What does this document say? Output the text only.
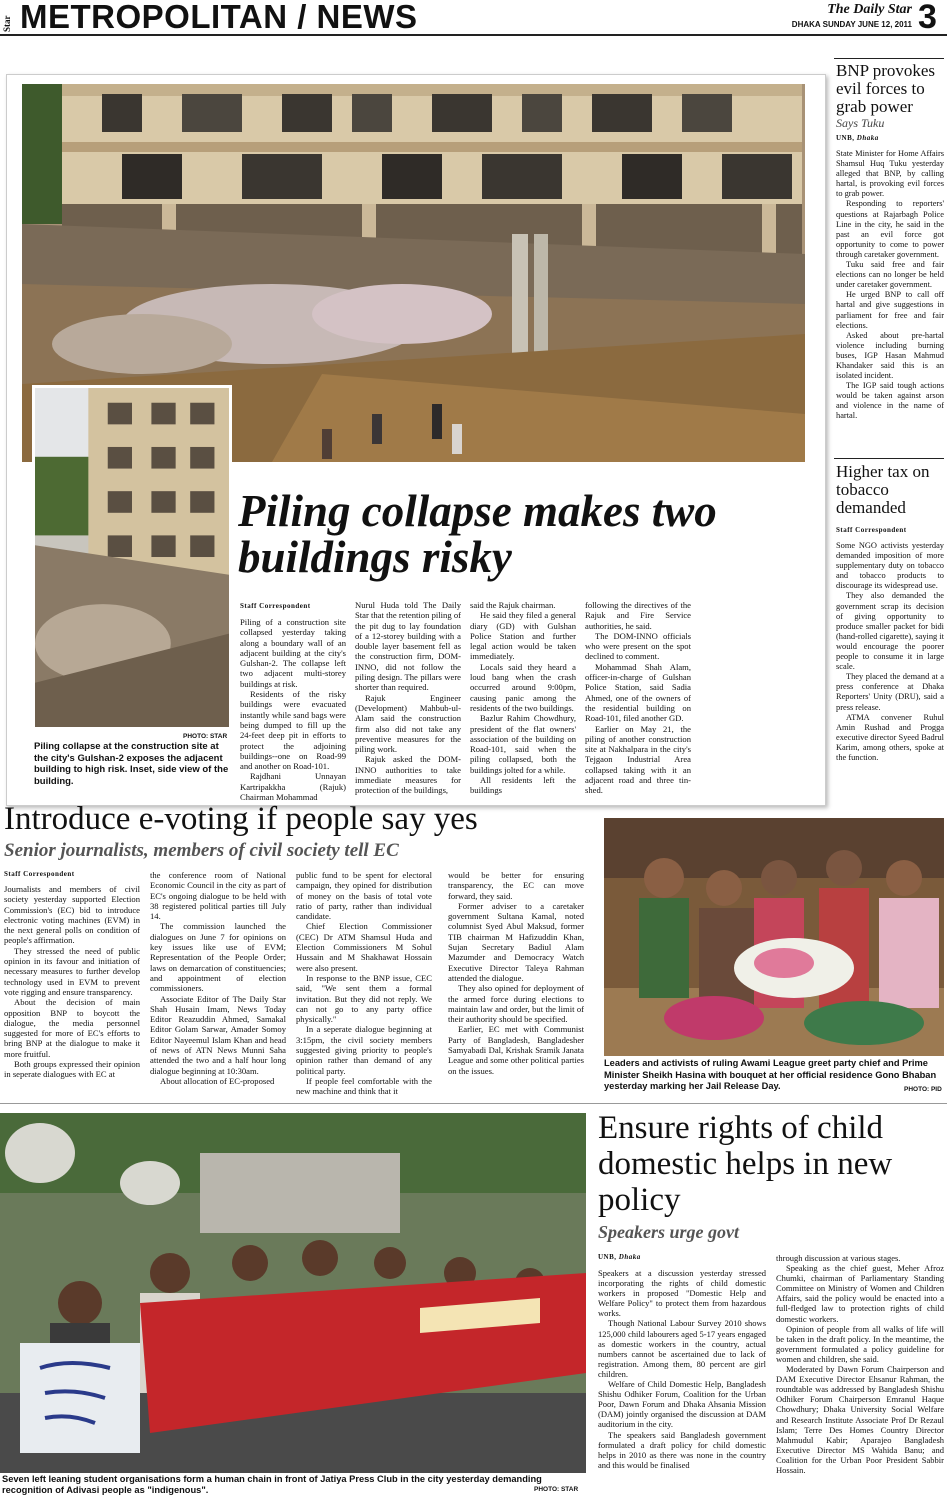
Star METROPOLITAN / NEWS	The Daily Star
DHAKA SUNDAY JUNE 12, 2011 3
PHOTO: STAR
Piling collapse at the construction site at the city's Gulshan-2 exposes the adjacent building to high risk. Inset, side view of the building.
Piling collapse makes two buildings risky
Staff Correspondent

Piling of a construction site collapsed yesterday taking along a boundary wall of an adjacent building at the city's Gulshan-2. The collapse left two adjacent multi-storey buildings at risk.

Residents of the risky buildings were evacuated instantly while sand bags were being dumped to fill up the 24-feet deep pit in efforts to protect the adjoining buildings--one on Road-99 and another on Road-101.

Rajdhani Unnayan Kartripakkha (Rajuk) Chairman Mohammad

Nurul Huda told The Daily Star that the retention piling of the pit dug to lay foundation of a 12-storey building with a double layer basement fell as the construction firm, DOM-INNO, did not follow the piling design. The pillars were shorter than required.

Rajuk Engineer (Development) Mahbub-ul-Alam said the construction firm also did not take any preventive measures for the piling work.

Rajuk asked the DOM-INNO authorities to take immediate measures for protection of the buildings,

said the Rajuk chairman.

He said they filed a general diary (GD) with Gulshan Police Station and further legal action would be taken immediately.

Locals said they heard a loud bang when the crash occurred around 9:00pm, causing panic among the residents of the two buildings.

Bazlur Rahim Chowdhury, president of the flat owners' association of the building on Road-101, said when the piling collapsed, both the buildings jolted for a while.

All residents left the buildings

following the directives of the Rajuk and Fire Service authorities, he said.

The DOM-INNO officials who were present on the spot declined to comment.

Mohammad Shah Alam, officer-in-charge of Gulshan Police Station, said Sadia Ahmed, one of the owners of the residential building on Road-101, filed another GD.

Earlier on May 21, the piling of another construction site at Nakhalpara in the city's Tejgaon Industrial Area collapsed taking with it an adjacent road and three tin-shed.

BNP provokes evil forces to grab power
Says Tuku
UNB, Dhaka

State Minister for Home Affairs Shamsul Huq Tuku yesterday alleged that BNP, by calling hartal, is provoking evil forces to grab power.

Responding to reporters' questions at Rajarbagh Police Line in the city, he said in the past an evil force got opportunity to come to power through caretaker government.

Tuku said free and fair elections can no longer be held under caretaker government.

He urged BNP to call off hartal and give suggestions in parliament for free and fair elections.

Asked about pre-hartal violence including burning buses, IGP Hasan Mahmud Khandaker said this is an isolated incident.

The IGP said tough actions would be taken against arson and violence in the name of hartal.

Higher tax on tobacco demanded
Staff Correspondent

Some NGO activists yesterday demanded imposition of more supplementary duty on tobacco and tobacco products to discourage its widespread use.

They also demanded the government scrap its decision of giving opportunity to produce smaller packet for bidi (hand-rolled cigarette), saying it would encourage the poorer people to consume it in large scale.

They placed the demand at a press conference at Dhaka Reporters' Unity (DRU), said a press release.

ATMA convener Ruhul Amin Rushad and Progga executive director Syeed Badrul Karim, among others, spoke at the function.

Introduce e-voting if people say yes
Senior journalists, members of civil society tell EC
Staff Correspondent

Journalists and members of civil society yesterday supported Election Commission's (EC) bid to introduce electronic voting machines (EVM) in the next general polls on condition of people's affirmation.

They stressed the need of public opinion in its favour and initiation of necessary measures to further develop technology used in EVM to prevent vote rigging and ensure transparency.

About the decision of main opposition BNP to boycott the dialogue, the media personnel suggested for more of EC's efforts to bring BNP at the dialogue to make it more fruitful.

Both groups expressed their opinion in seperate dialogues with EC at

the conference room of National Economic Council in the city as part of EC's ongoing dialogue to be held with 38 registered political parties till July 14.

The commission launched the dialogues on June 7 for opinions on key issues like use of EVM; Representation of the People Order; laws on demarcation of constituencies; and appointment of election commissioners.

Associate Editor of The Daily Star Shah Husain Imam, News Today Editor Reazuddin Ahmed, Samakal Editor Golam Sarwar, Amader Somoy Editor Nayeemul Islam Khan and head of news of ATN News Munni Saha attended the two and a half hour long dialogue beginning at 10:30am.

About allocation of EC-proposed

public fund to be spent for electoral campaign, they opined for distribution of money on the basis of total vote ratio of party, rather than individual candidate.

Chief Election Commissioner (CEC) Dr ATM Shamsul Huda and Election Commissioners M Sohul Hussain and M Shakhawat Hossain were also present.

In response to the BNP issue, CEC said, "We sent them a formal invitation. But they did not reply. We can not go to any party office physically."

In a seperate dialogue beginning at 3:15pm, the civil society members suggested giving priority to people's opinion rather than demand of any political party.

If people feel comfortable with the new machine and think that it

would be better for ensuring transparency, the EC can move forward, they said.

Former adviser to a caretaker government Sultana Kamal, noted columnist Syed Abul Maksud, former TIB chairman M Hafizuddin Khan, Sujan Secretary Badiul Alam Mazumder and Democracy Watch Executive Director Taleya Rahman attended the dialogue.

They also opined for deployment of the armed force during elections to maintain law and order, but the limit of their authority should be specified.

Earlier, EC met with Communist Party of Bangladesh, Bangladesher Samyabadi Dal, Krishak Sramik Janata League and some other political parties on the issues.

Leaders and activists of ruling Awami League greet party chief and Prime Minister Sheikh Hasina with bouquet at her official residence Gono Bhaban yesterday marking her Jail Release Day.	PHOTO: PID
Seven left leaning student organisations form a human chain in front of Jatiya Press Club in the city yesterday demanding recognition of Adivasi people as "indigenous".	PHOTO: STAR
Ensure rights of child domestic helps in new policy
Speakers urge govt
UNB, Dhaka

Speakers at a discussion yesterday stressed incorporating the rights of child domestic workers in proposed "Domestic Help and Welfare Policy" to protect them from hazardous works.

Though National Labour Survey 2010 shows 125,000 child labourers aged 5-17 years engaged as domestic workers in the country, actual numbers cannot be ascertained due to lack of registration. Among them, 80 percent are girl children.

Welfare of Child Domestic Help, Bangladesh Shishu Odhiker Forum, Coalition for the Urban Poor, Dawn Forum and Dhaka Ahsania Mission (DAM) jointly organised the discussion at DAM auditorium in the city.

The speakers said Bangladesh government formulated a draft policy for child domestic helps in 2010 as there was none in the country and this would be finalised

through discussion at various stages.

Speaking as the chief guest, Meher Afroz Chumki, chairman of Parliamentary Standing Committee on Ministry of Women and Children Affairs, said the policy would be enacted into a full-fledged law to protection rights of child domestic workers.

Opinion of people from all walks of life will be taken in the draft policy. In the meantime, the government formulated a policy guideline for women and children, she said.

Moderated by Dawn Forum Chairperson and DAM Executive Director Ehsanur Rahman, the roundtable was addressed by Bangladesh Shishu Odhiker Forum Chairperson Emranul Haque Chowdhury; Dhaka University Social Welfare and Research Institute Associate Prof Dr Rezaul Islam; Terre Des Homes Country Director Mahmudul Kabir; Aparajeo Bangladesh Executive Director MS Wahida Banu; and Coalition for the Urban Poor President Sabbir Hossain.
